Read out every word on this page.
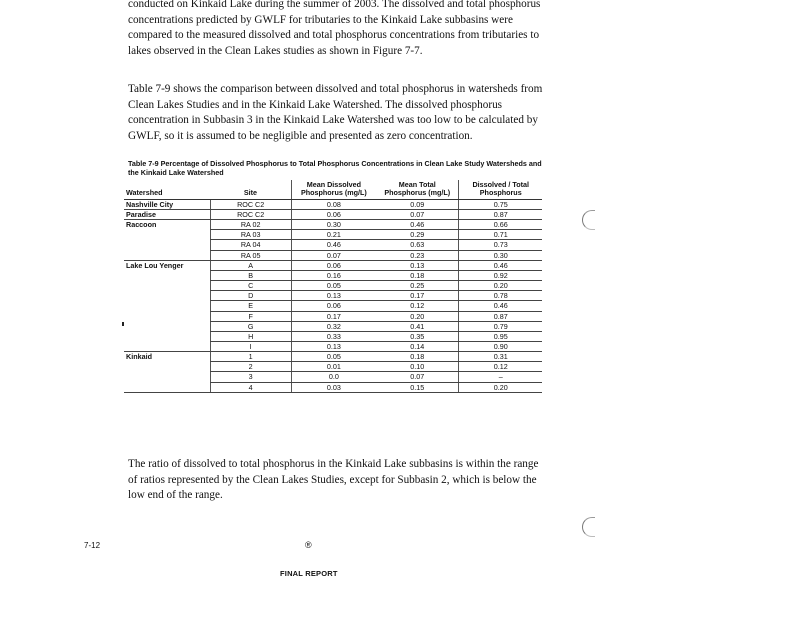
conducted on Kinkaid Lake during the summer of 2003. The dissolved and total phosphorus concentrations predicted by GWLF for tributaries to the Kinkaid Lake subbasins were compared to the measured dissolved and total phosphorus concentrations from tributaries to lakes observed in the Clean Lakes studies as shown in Figure 7-7.

Table 7-9 shows the comparison between dissolved and total phosphorus in watersheds from Clean Lakes Studies and in the Kinkaid Lake Watershed. The dissolved phosphorus concentration in Subbasin 3 in the Kinkaid Lake Watershed was too low to be calculated by GWLF, so it is assumed to be negligible and presented as zero concentration.

Table 7-9 Percentage of Dissolved Phosphorus to Total Phosphorus Concentrations in Clean Lake Study Watersheds and the Kinkaid Lake Watershed
Watershed	Site	Mean Dissolved Phosphorus (mg/L)	Mean Total Phosphorus (mg/L)	Dissolved / Total Phosphorus
Nashville City	ROC C2	0.08	0.09	0.75
Paradise	ROC C2	0.06	0.07	0.87
Raccoon	RA 02	0.30	0.46	0.66
	RA 03	0.21	0.29	0.71
	RA 04	0.46	0.63	0.73
	RA 05	0.07	0.23	0.30
Lake Lou Yenger	A	0.06	0.13	0.46
	B	0.16	0.18	0.92
	C	0.05	0.25	0.20
	D	0.13	0.17	0.78
	E	0.06	0.12	0.46
	F	0.17	0.20	0.87
	G	0.32	0.41	0.79
	H	0.33	0.35	0.95
	I	0.13	0.14	0.90
Kinkaid	1	0.05	0.18	0.31
	2	0.01	0.10	0.12
	3	0.0	0.07	–
	4	0.03	0.15	0.20

The ratio of dissolved to total phosphorus in the Kinkaid Lake subbasins is within the range of ratios represented by the Clean Lakes Studies, except for Subbasin 2, which is below the low end of the range.

7-12	®
FINAL REPORT
